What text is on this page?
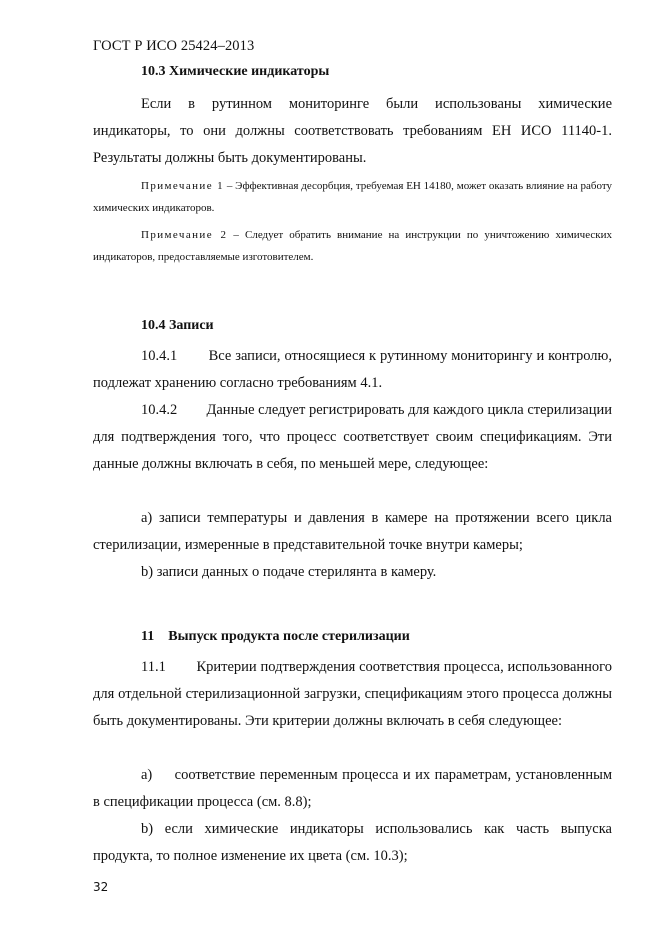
ГОСТ Р ИСО 25424–2013
10.3 Химические индикаторы
Если в рутинном мониторинге были использованы химические индикаторы, то они должны соответствовать требованиям ЕН ИСО 11140-1. Результаты должны быть документированы.
Примечание 1 – Эффективная десорбция, требуемая ЕН 14180, может оказать влияние на работу химических индикаторов.
Примечание 2 – Следует обратить внимание на инструкции по уничтожению химических индикаторов, предоставляемые изготовителем.
10.4 Записи
10.4.1        Все записи, относящиеся к рутинному мониторингу и контролю, подлежат хранению согласно требованиям 4.1.
10.4.2        Данные следует регистрировать для каждого цикла стерилизации для подтверждения того, что процесс соответствует своим спецификациям. Эти данные должны включать в себя, по меньшей мере, следующее:
a) записи температуры и давления в камере на протяжении всего цикла стерилизации, измеренные в представительной точке внутри камеры;
b) записи данных о подаче стерилянта в камеру.
11    Выпуск продукта после стерилизации
11.1        Критерии подтверждения соответствия процесса, использованного для отдельной стерилизационной загрузки, спецификациям этого процесса должны быть документированы. Эти критерии должны включать в себя следующее:
a)     соответствие переменным процесса и их параметрам, установленным в спецификации процесса (см. 8.8);
b) если химические индикаторы использовались как часть выпуска продукта, то полное изменение их цвета (см. 10.3);
32
